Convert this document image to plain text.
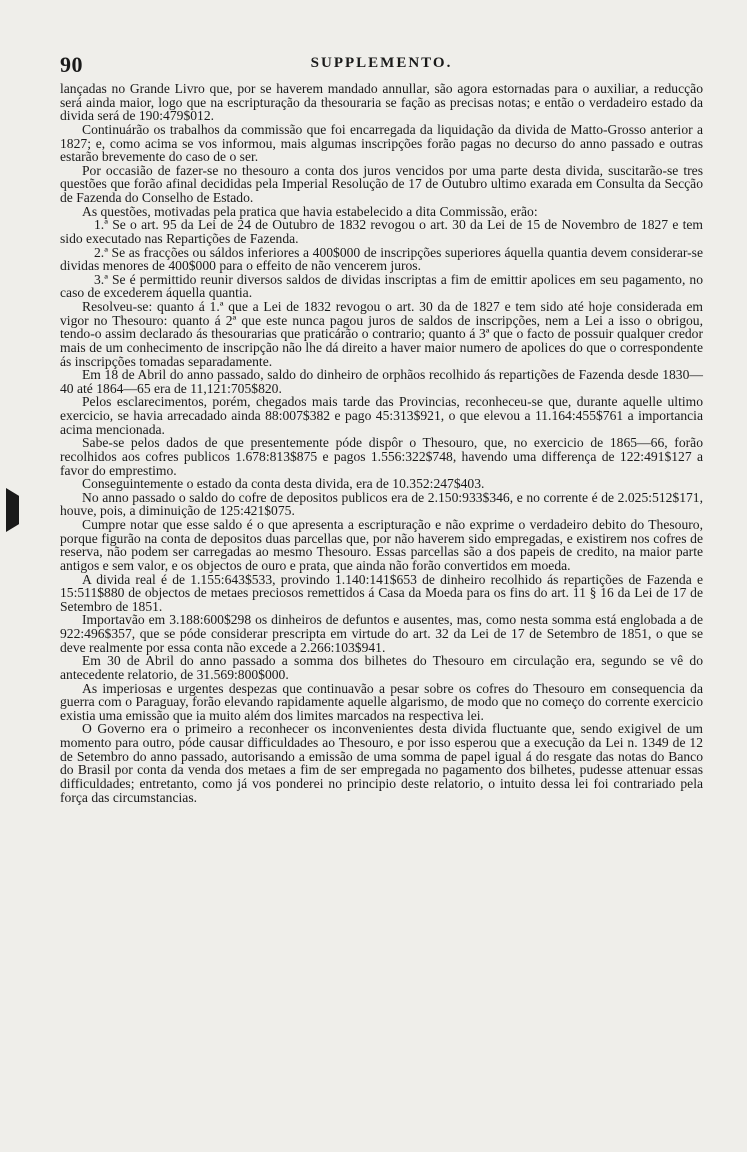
90	SUPPLEMENTO.

lançadas no Grande Livro que, por se haverem mandado annullar, são agora estornadas para o auxiliar, a reducção será ainda maior, logo que na escripturação da thesouraria se fação as precisas notas; e então o verdadeiro estado da divida será de 190:479$012.

Continuárão os trabalhos da commissão que foi encarregada da liquidação da divida de Matto-Grosso anterior a 1827; e, como acima se vos informou, mais algumas inscripções forão pagas no decurso do anno passado e outras estarão brevemente do caso de o ser.

Por occasião de fazer-se no thesouro a conta dos juros vencidos por uma parte desta divida, suscitarão-se tres questões que forão afinal decididas pela Imperial Resolução de 17 de Outubro ultimo exarada em Consulta da Secção de Fazenda do Conselho de Estado.

As questões, motivadas pela pratica que havia estabelecido a dita Commissão, erão:

1.ª Se o art. 95 da Lei de 24 de Outubro de 1832 revogou o art. 30 da Lei de 15 de Novembro de 1827 e tem sido executado nas Repartições de Fazenda.

2.ª Se as fracções ou sáldos inferiores a 400$000 de inscripções superiores áquella quantia devem considerar-se dividas menores de 400$000 para o effeito de não vencerem juros.

3.ª Se é permittido reunir diversos saldos de dividas inscriptas a fim de emittir apolices em seu pagamento, no caso de excederem áquella quantia.

Resolveu-se: quanto á 1.ª que a Lei de 1832 revogou o art. 30 da de 1827 e tem sido até hoje considerada em vigor no Thesouro: quanto á 2ª que este nunca pagou juros de saldos de inscripções, nem a Lei a isso o obrigou, tendo-o assim declarado ás thesourarias que praticárão o contrario; quanto á 3ª que o facto de possuir qualquer credor mais de um conhecimento de inscripção não lhe dá direito a haver maior numero de apolices do que o correspondente ás inscripções tomadas separadamente.

Em 18 de Abril do anno passado, saldo do dinheiro de orphãos recolhido ás repartições de Fazenda desde 1830—40 até 1864—65 era de 11,121:705$820.

Pelos esclarecimentos, porém, chegados mais tarde das Provincias, reconheceu-se que, durante aquelle ultimo exercicio, se havia arrecadado ainda 88:007$382 e pago 45:313$921, o que elevou a 11.164:455$761 a importancia acima mencionada.

Sabe-se pelos dados de que presentemente póde dispôr o Thesouro, que, no exercicio de 1865—66, forão recolhidos aos cofres publicos 1.678:813$875 e pagos 1.556:322$748, havendo uma differença de 122:491$127 a favor do emprestimo.

Conseguintemente o estado da conta desta divida, era de 10.352:247$403.

No anno passado o saldo do cofre de depositos publicos era de 2.150:933$346, e no corrente é de 2.025:512$171, houve, pois, a diminuição de 125:421$075.

Cumpre notar que esse saldo é o que apresenta a escripturação e não exprime o verdadeiro debito do Thesouro, porque figurão na conta de depositos duas parcellas que, por não haverem sido empregadas, e existirem nos cofres de reserva, não podem ser carregadas ao mesmo Thesouro. Essas parcellas são a dos papeis de credito, na maior parte antigos e sem valor, e os objectos de ouro e prata, que ainda não forão convertidos em moeda.

A divida real é de 1.155:643$533, provindo 1.140:141$653 de dinheiro recolhido ás repartições de Fazenda e 15:511$880 de objectos de metaes preciosos remettidos á Casa da Moeda para os fins do art. 11 § 16 da Lei de 17 de Setembro de 1851.

Importavão em 3.188:600$298 os dinheiros de defuntos e ausentes, mas, como nesta somma está englobada a de 922:496$357, que se póde considerar prescripta em virtude do art. 32 da Lei de 17 de Setembro de 1851, o que se deve realmente por essa conta não excede a 2.266:103$941.

Em 30 de Abril do anno passado a somma dos bilhetes do Thesouro em circulação era, segundo se vê do antecedente relatorio, de 31.569:800$000.

As imperiosas e urgentes despezas que continuavão a pesar sobre os cofres do Thesouro em consequencia da guerra com o Paraguay, forão elevando rapidamente aquelle algarismo, de modo que no começo do corrente exercicio existia uma emissão que ia muito além dos limites marcados na respectiva lei.

O Governo era o primeiro a reconhecer os inconvenientes desta divida fluctuante que, sendo exigivel de um momento para outro, póde causar difficuldades ao Thesouro, e por isso esperou que a execução da Lei n. 1349 de 12 de Setembro do anno passado, autorisando a emissão de uma somma de papel igual á do resgate das notas do Banco do Brasil por conta da venda dos metaes a fim de ser empregada no pagamento dos bilhetes, pudesse attenuar essas difficuldades; entretanto, como já vos ponderei no principio deste relatorio, o intuito dessa lei foi contrariado pela força das circumstancias.
